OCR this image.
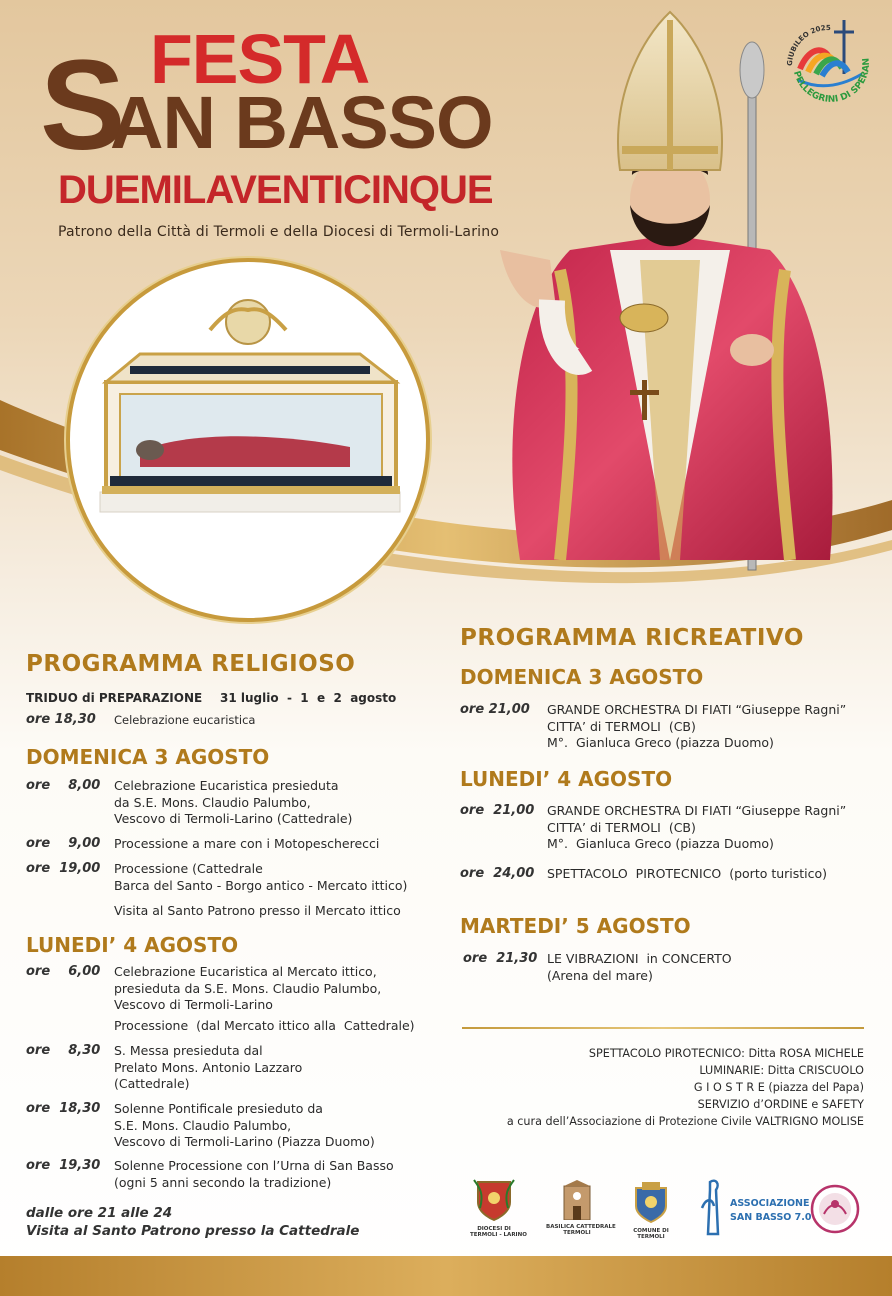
S FESTA
AN BASSO
DUEMILAVENTICINQUE
Patrono della Città di Termoli e della Diocesi di Termoli-Larino
GIUBILEO 2025
PELLEGRINI DI SPERAN
PROGRAMMA RELIGIOSO
TRIDUO di PREPARAZIONE 31 luglio  -  1  e  2  agosto
ore 18,30 Celebrazione eucaristica
DOMENICA 3 AGOSTO
ore    8,00 Celebrazione Eucaristica presieduta
da S.E. Mons. Claudio Palumbo,
Vescovo di Termoli-Larino (Cattedrale)
ore    9,00 Processione a mare con i Motopescherecci
ore  19,00 Processione (Cattedrale
Barca del Santo - Borgo antico - Mercato ittico)
Visita al Santo Patrono presso il Mercato ittico
LUNEDI’ 4 AGOSTO
ore    6,00 Celebrazione Eucaristica al Mercato ittico,
presieduta da S.E. Mons. Claudio Palumbo,
Vescovo di Termoli-Larino
Processione  (dal Mercato ittico alla  Cattedrale)
ore    8,30 S. Messa presieduta dal
Prelato Mons. Antonio Lazzaro
(Cattedrale)
ore  18,30 Solenne Pontificale presieduto da
S.E. Mons. Claudio Palumbo,
Vescovo di Termoli-Larino (Piazza Duomo)
ore  19,30 Solenne Processione con l’Urna di San Basso
(ogni 5 anni secondo la tradizione)
dalle ore 21 alle 24
Visita al Santo Patrono presso la Cattedrale
PROGRAMMA RICREATIVO
DOMENICA 3 AGOSTO
ore 21,00 GRANDE ORCHESTRA DI FIATI “Giuseppe Ragni”
CITTA’ di TERMOLI  (CB)
M°.  Gianluca Greco (piazza Duomo)
LUNEDI’ 4 AGOSTO
ore  21,00 GRANDE ORCHESTRA DI FIATI “Giuseppe Ragni”
CITTA’ di TERMOLI  (CB)
M°.  Gianluca Greco (piazza Duomo)
ore  24,00 SPETTACOLO  PIROTECNICO  (porto turistico)
MARTEDI’ 5 AGOSTO
ore  21,30 LE VIBRAZIONI  in CONCERTO
(Arena del mare)
SPETTACOLO PIROTECNICO: Ditta ROSA MICHELE
LUMINARIE: Ditta CRISCUOLO
G I O S T R E (piazza del Papa)
SERVIZIO d’ORDINE e SAFETY
a cura dell’Associazione di Protezione Civile VALTRIGNO MOLISE
DIOCESI DI
TERMOLI - LARINO
BASILICA CATTEDRALE
TERMOLI	COMUNE DI
TERMOLI
ASSOCIAZIONE
SAN BASSO 7.0
